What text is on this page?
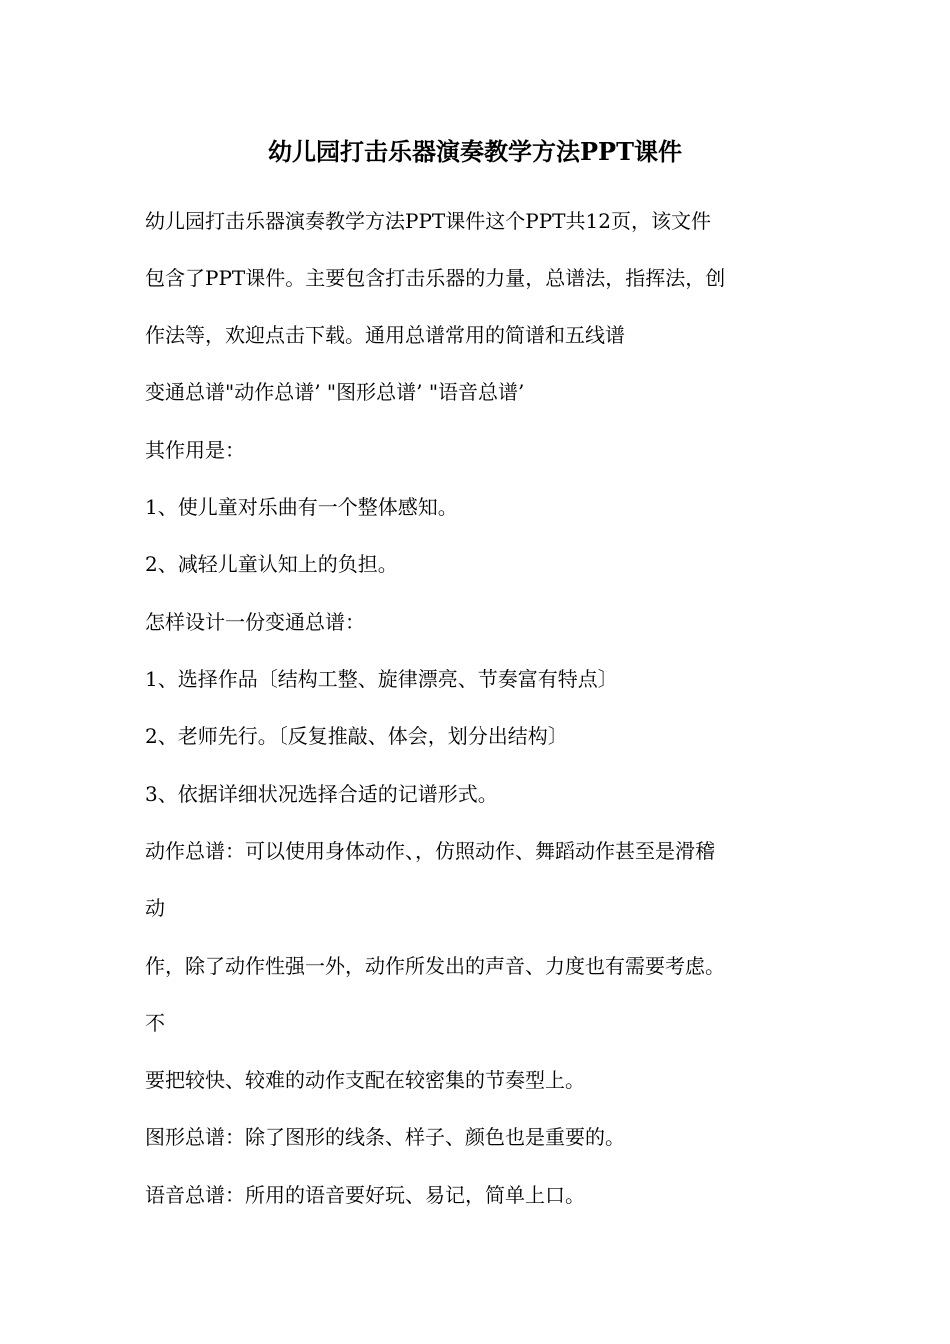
幼儿园打击乐器演奏教学方法PPT课件
幼儿园打击乐器演奏教学方法PPT课件这个PPT共12页，该文件
包含了PPT课件。主要包含打击乐器的力量，总谱法，指挥法，创
作法等，欢迎点击下载。通用总谱常用的简谱和五线谱
变通总谱"动作总谱’ "图形总谱’ "语音总谱’
其作用是：
1、使儿童对乐曲有一个整体感知。
2、减轻儿童认知上的负担。
怎样设计一份变通总谱：
1、选择作品〔结构工整、旋律漂亮、节奏富有特点〕
2、老师先行。〔反复推敲、体会，划分出结构〕
3、依据详细状况选择合适的记谱形式。
动作总谱：可以使用身体动作、，仿照动作、舞蹈动作甚至是滑稽
动
作，除了动作性强一外，动作所发出的声音、力度也有需要考虑。
不
要把较快、较难的动作支配在较密集的节奏型上。
图形总谱：除了图形的线条、样子、颜色也是重要的。
语音总谱：所用的语音要好玩、易记，简单上口。
